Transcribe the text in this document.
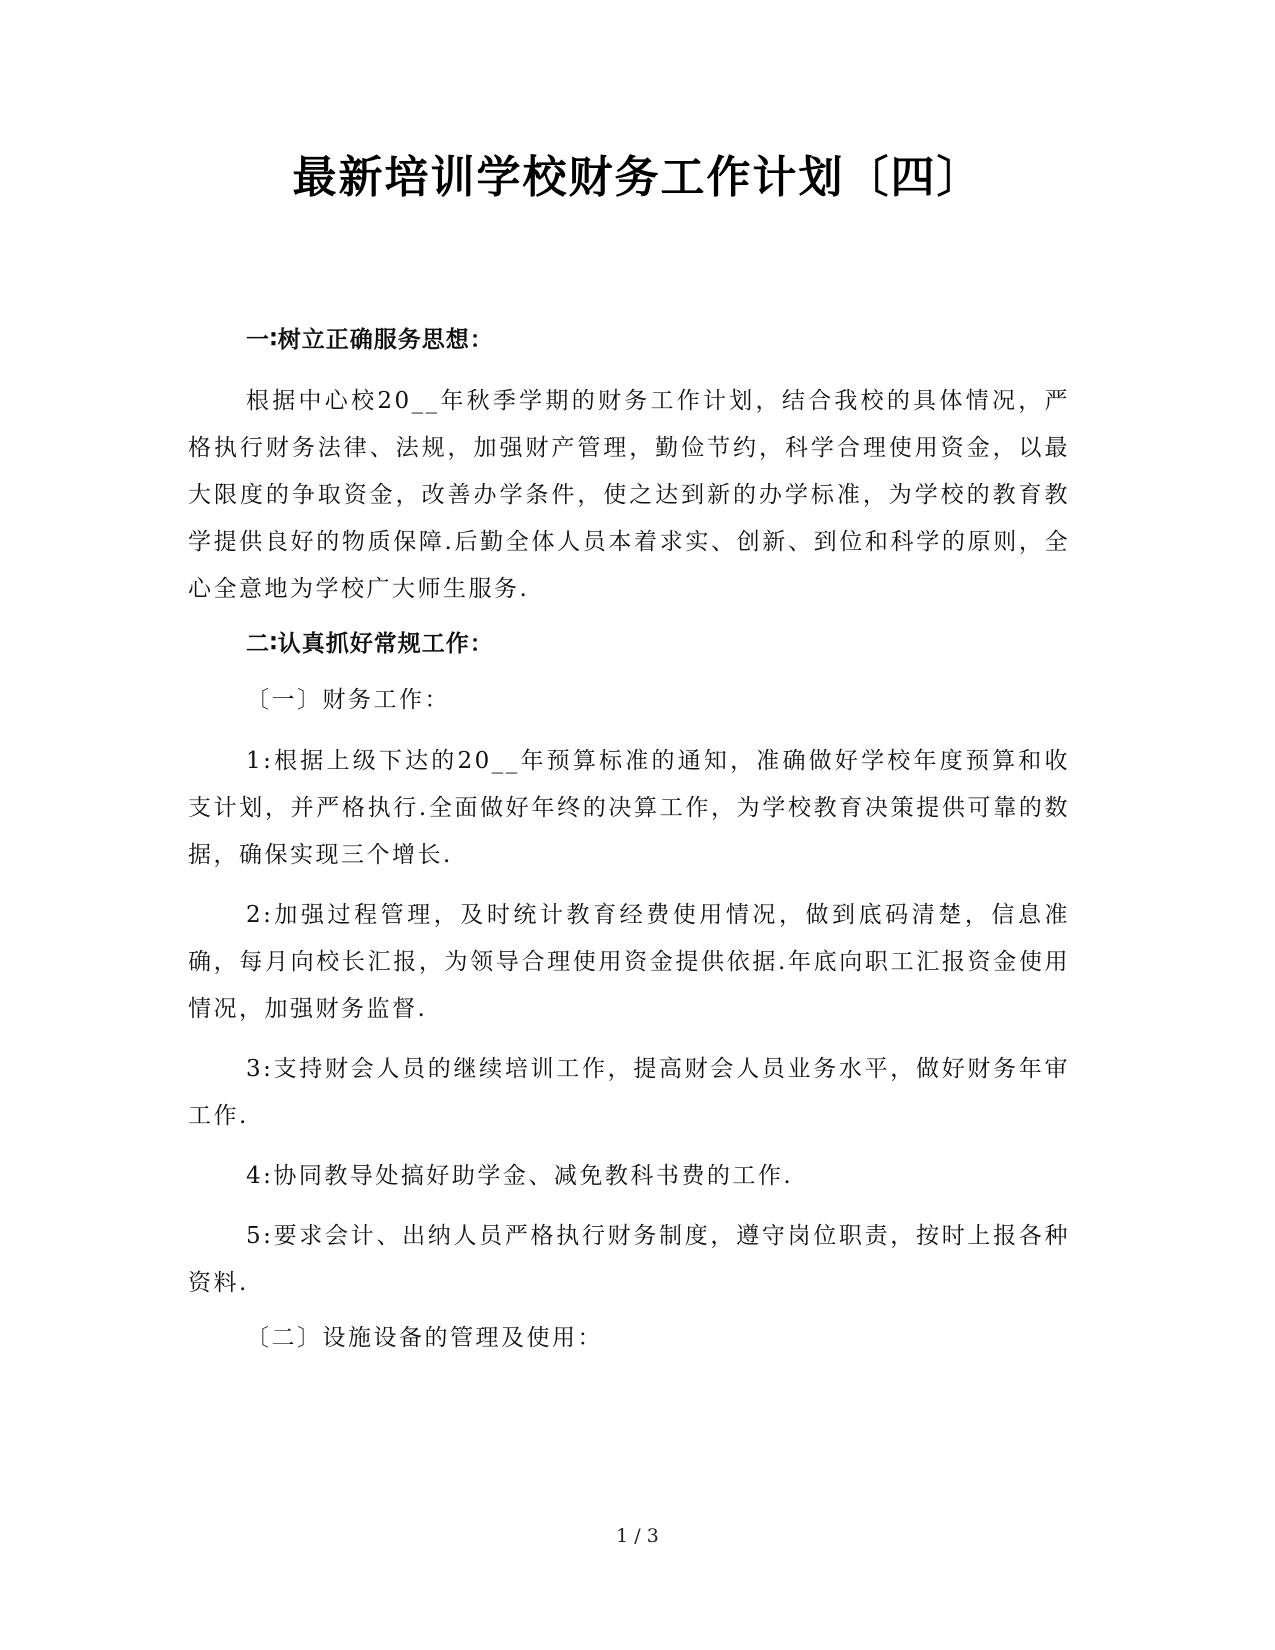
最新培训学校财务工作计划〔四〕

一∶树立正确服务思想：

根据中心校20__年秋季学期的财务工作计划，结合我校的具体情况，严格执行财务法律、法规，加强财产管理，勤俭节约，科学合理使用资金，以最大限度的争取资金，改善办学条件，使之达到新的办学标准，为学校的教育教学提供良好的物质保障.后勤全体人员本着求实、创新、到位和科学的原则，全心全意地为学校广大师生服务.

二∶认真抓好常规工作：

〔一〕财务工作：

1:根据上级下达的20__年预算标准的通知，准确做好学校年度预算和收支计划，并严格执行.全面做好年终的决算工作，为学校教育决策提供可靠的数据，确保实现三个增长.

2:加强过程管理，及时统计教育经费使用情况，做到底码清楚，信息准确，每月向校长汇报，为领导合理使用资金提供依据.年底向职工汇报资金使用情况，加强财务监督.

3:支持财会人员的继续培训工作，提高财会人员业务水平，做好财务年审工作.

4:协同教导处搞好助学金、减免教科书费的工作.

5:要求会计、出纳人员严格执行财务制度，遵守岗位职责，按时上报各种资料.

〔二〕设施设备的管理及使用：

1 / 3
